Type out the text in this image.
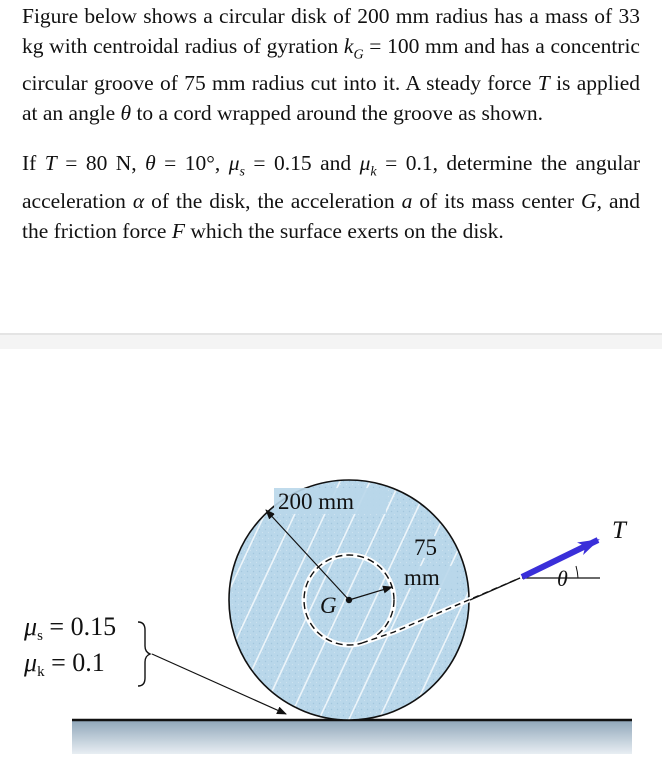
Figure below shows a circular disk of 200 mm radius has a mass of 33 kg with centroidal radius of gyration $k_G = 100$ mm and has a concentric circular groove of 75 mm radius cut into it. A steady force T is applied at an angle θ to a cord wrapped around the groove as shown.

If T = 80 N, θ = 10°, $\mu_s = 0.15$ and $\mu_k = 0.1$, determine the angular acceleration α of the disk, the acceleration a of its mass center G, and the friction force F which the surface exerts on the disk.

200 mm
75
mm
G
T
θ
$\mu_s = 0.15$
$\mu_k = 0.1$
